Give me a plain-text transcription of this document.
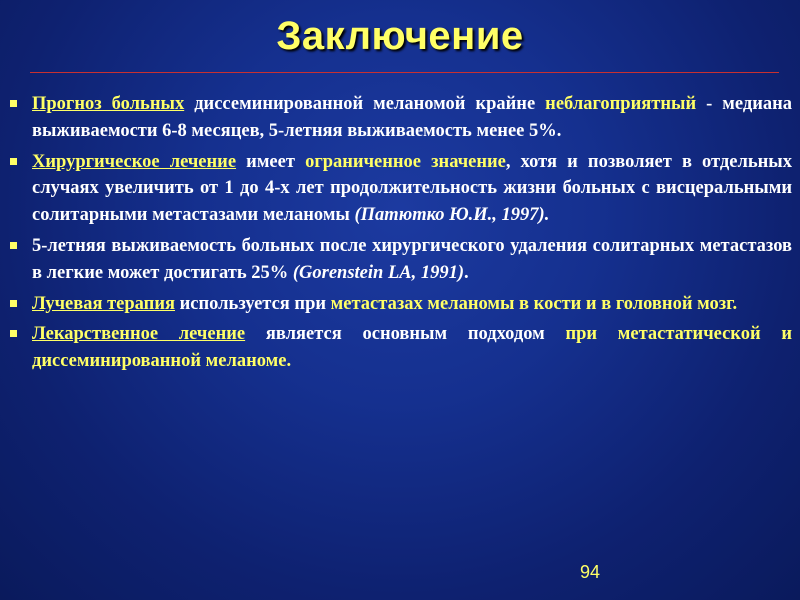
Заключение
Прогноз больных диссеминированной меланомой крайне неблагоприятный - медиана выживаемости 6-8 месяцев, 5-летняя выживаемость менее 5%.
Хирургическое лечение имеет ограниченное значение, хотя и позволяет в отдельных случаях увеличить от 1 до 4-х лет продолжительность жизни больных с висцеральными солитарными метастазами меланомы (Патютко Ю.И., 1997).
5-летняя выживаемость больных после хирургического удаления солитарных метастазов в легкие может достигать 25% (Gorenstein LA, 1991).
Лучевая терапия используется при метастазах меланомы в кости и в головной мозг.
Лекарственное лечение является основным подходом при метастатической и диссеминированной меланоме.
94
